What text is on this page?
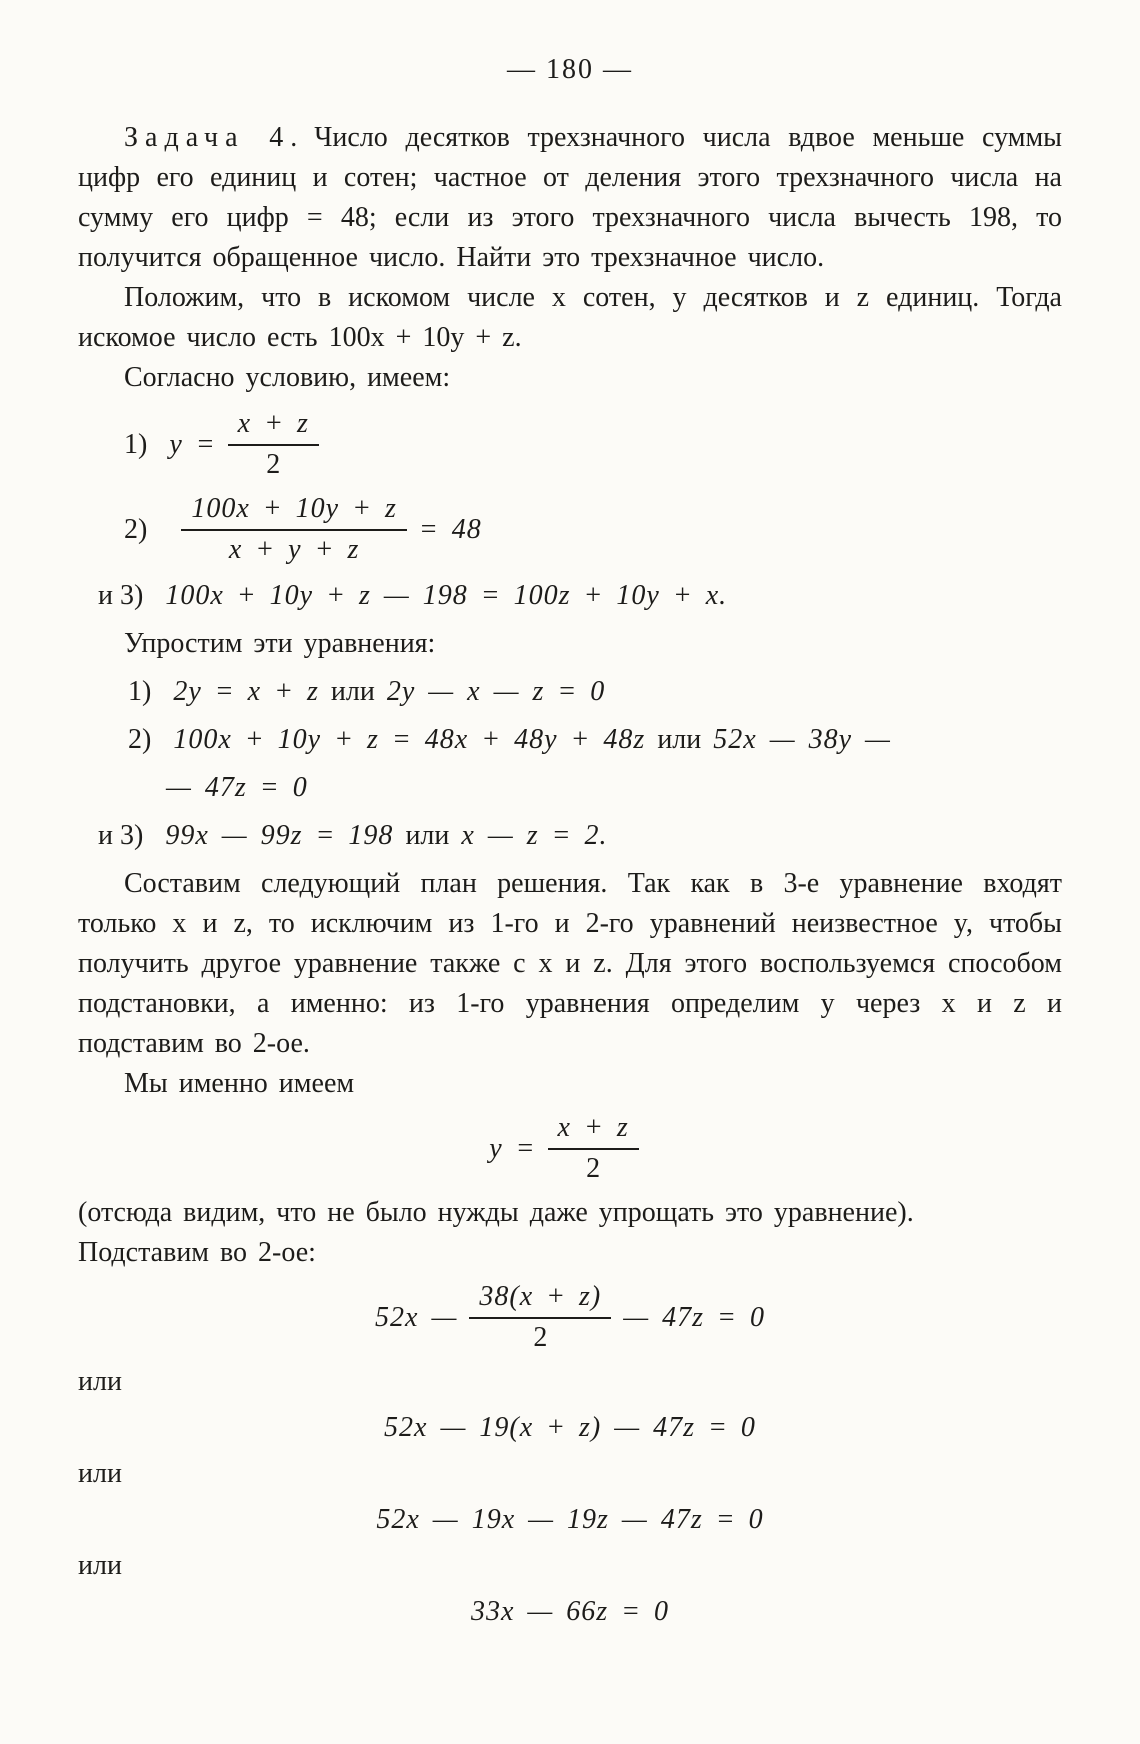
— 180 —

Задача 4. Число десятков трехзначного числа вдвое меньше суммы цифр его единиц и сотен; частное от деления этого трехзначного числа на сумму его цифр = 48; если из этого трехзначного числа вычесть 198, то получится обращенное число. Найти это трехзначное число.

Положим, что в искомом числе x сотен, y десятков и z единиц. Тогда искомое число есть 100x + 10y + z.

Согласно условию, имеем:

1) $y = \frac{x + z}{2}$
$2) \frac{100x + 10y + z}{x + y + z} = 48$
и 3) 100x + 10y + z — 198 = 100z + 10y + x.

Упростим эти уравнения:

1) 2y = x + z или 2y — x — z = 0
2) 100x + 10y + z = 48x + 48y + 48z или 52x — 38y —
— 47z = 0
и 3) 99x — 99z = 198 или x — z = 2.

Составим следующий план решения. Так как в 3-е уравнение входят только x и z, то исключим из 1-го и 2-го уравнений неизвестное y, чтобы получить другое уравнение также с x и z. Для этого воспользуемся способом подстановки, а именно: из 1-го уравнения определим y через x и z и подставим во 2-ое.

Мы именно имеем

$y = \frac{x + z}{2}$

(отсюда видим, что не было нужды даже упрощать это уравнение).
Подставим во 2-ое:

52x — $\frac{38(x + z)}{2}$ — 47z = 0
или
52x — 19(x + z) — 47z = 0
или
52x — 19x — 19z — 47z = 0
или
33x — 66z = 0
